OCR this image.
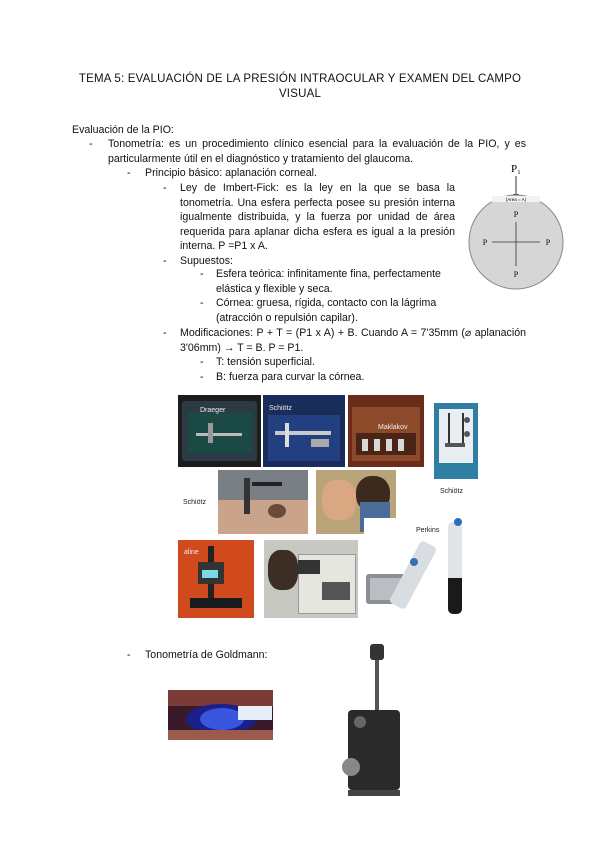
TEMA 5: EVALUACIÓN DE LA PRESIÓN INTRAOCULAR Y EXAMEN DEL CAMPO VISUAL
Evaluación de la PIO:
- Tonometría: es un procedimiento clínico esencial para la evaluación de la PIO, y es particularmente útil en el diagnóstico y tratamiento del glaucoma.
- Principio básico: aplanación corneal.
- Ley de Imbert-Fick: es la ley en la que se basa la tonometría. Una esfera perfecta posee su presión interna igualmente distribuida, y la fuerza por unidad de área requerida para aplanar dicha esfera es igual a la presión interna. P =P1 x A.
- Supuestos:
- Esfera teórica: infinitamente fina, perfectamente elástica y flexible y seca.
- Córnea: gruesa, rígida, contacto con la lágrima (atracción o repulsión capilar).
- Modificaciones: P + T = (P1 x A) + B. Cuando A = 7'35mm (⌀ aplanación 3'06mm) → T = B. P = P1.
- T: tensión superficial.
- B: fuerza para curvar la córnea.
- Tonometría de Goldmann:
P₁
(Area = A)
P
P
P	P
Draeger	Schiötz
Maklakov
Schiötz
Schiötz
aline
Perkins
